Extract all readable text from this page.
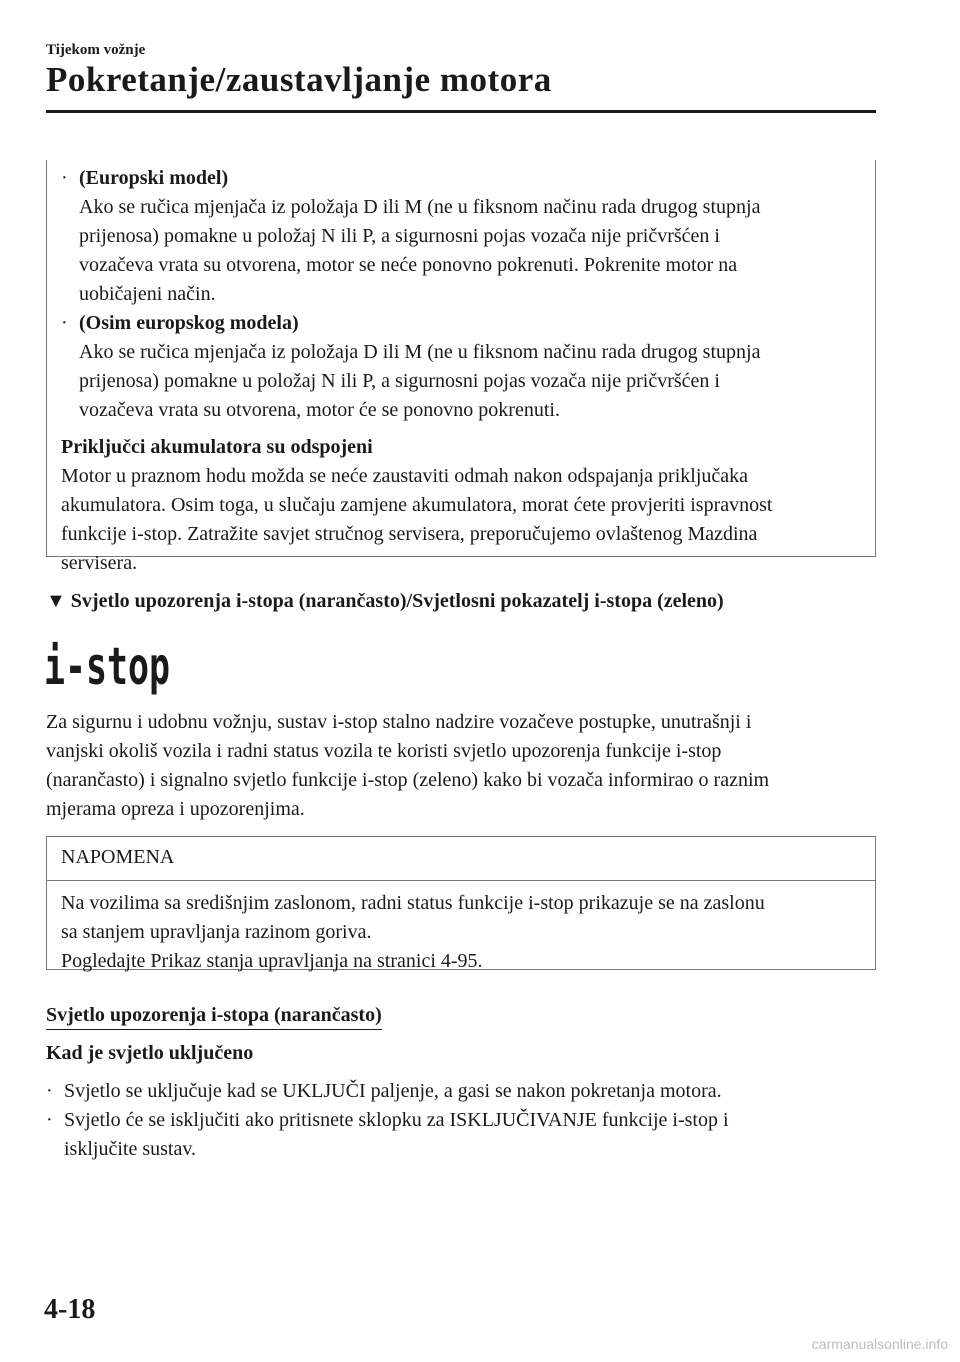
Tijekom vožnje
Pokretanje/zaustavljanje motora
· (Europski model)
Ako se ručica mjenjača iz položaja D ili M (ne u fiksnom načinu rada drugog stupnja
prijenosa) pomakne u položaj N ili P, a sigurnosni pojas vozača nije pričvršćen i
vozačeva vrata su otvorena, motor se neće ponovno pokrenuti. Pokrenite motor na
uobičajeni način.
· (Osim europskog modela)
Ako se ručica mjenjača iz položaja D ili M (ne u fiksnom načinu rada drugog stupnja
prijenosa) pomakne u položaj N ili P, a sigurnosni pojas vozača nije pričvršćen i
vozačeva vrata su otvorena, motor će se ponovno pokrenuti.
Priključci akumulatora su odspojeni
Motor u praznom hodu možda se neće zaustaviti odmah nakon odspajanja priključaka
akumulatora. Osim toga, u slučaju zamjene akumulatora, morat ćete provjeriti ispravnost
funkcije i-stop. Zatražite savjet stručnog servisera, preporučujemo ovlaštenog Mazdina
servisera.
▼ Svjetlo upozorenja i-stopa (narančasto)/Svjetlosni pokazatelj i-stopa (zeleno)
i-stop
Za sigurnu i udobnu vožnju, sustav i-stop stalno nadzire vozačeve postupke, unutrašnji i
vanjski okoliš vozila i radni status vozila te koristi svjetlo upozorenja funkcije i-stop
(narančasto) i signalno svjetlo funkcije i-stop (zeleno) kako bi vozača informirao o raznim
mjerama opreza i upozorenjima.
NAPOMENA
Na vozilima sa središnjim zaslonom, radni status funkcije i-stop prikazuje se na zaslonu
sa stanjem upravljanja razinom goriva.
Pogledajte Prikaz stanja upravljanja na stranici 4-95.
Svjetlo upozorenja i-stopa (narančasto)
Kad je svjetlo uključeno
· Svjetlo se uključuje kad se UKLJUČI paljenje, a gasi se nakon pokretanja motora.
· Svjetlo će se isključiti ako pritisnete sklopku za ISKLJUČIVANJE funkcije i-stop i
isključite sustav.
4-18
carmanualsonline.info
